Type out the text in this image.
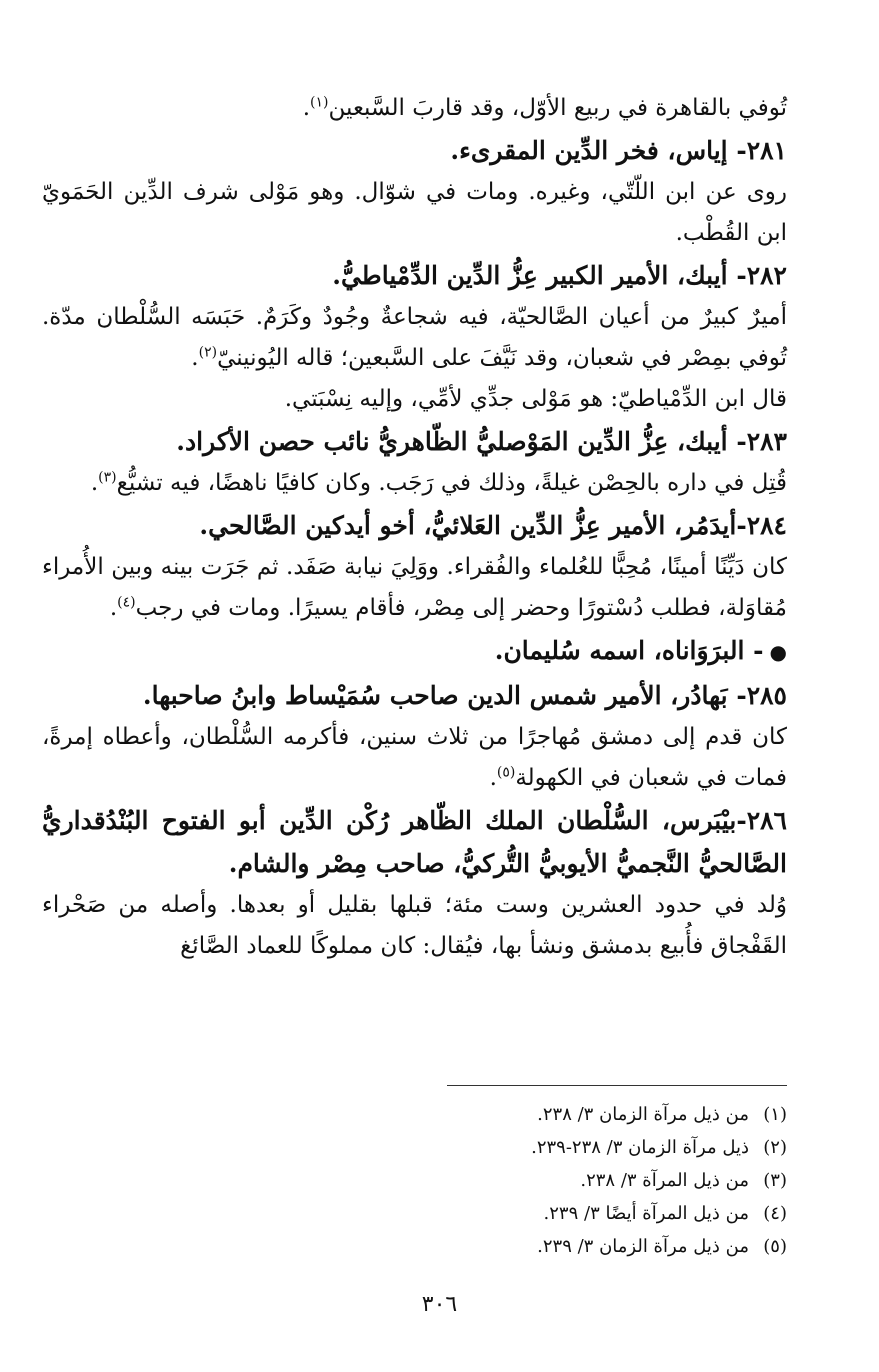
تُوفي بالقاهرة في ربيع الأوّل، وقد قاربَ السَّبعين$^{(١)}$.

٢٨١- إياس، فخر الدِّين المقرىء.

روى عن ابن اللّتّي، وغيره. ومات في شوّال. وهو مَوْلى شرف الدِّين الحَمَويّ ابن القُطْب.

٢٨٢- أيبك، الأمير الكبير عِزُّ الدِّين الدِّمْياطيُّ.

أميرٌ كبيرٌ من أعيان الصَّالحيّة، فيه شجاعةٌ وجُودٌ وكَرَمٌ. حَبَسَه السُّلْطان مدّة. تُوفي بمِصْر في شعبان، وقد نَيَّفَ على السَّبعين؛ قاله اليُونينيّ$^{(٢)}$.

قال ابن الدِّمْياطيّ: هو مَوْلى جدِّي لأمِّي، وإليه نِسْبَتي.

٢٨٣- أيبك، عِزُّ الدِّين المَوْصليُّ الظّاهريُّ نائب حصن الأكراد.

قُتِل في داره بالحِصْن غيلةً، وذلك في رَجَب. وكان كافيًا ناهضًا، فيه تشيُّع$^{(٣)}$.

٢٨٤-أيدَمُر، الأمير عِزُّ الدِّين العَلائيُّ، أخو أيدكين الصَّالحي.

كان دَيِّنًا أمينًا، مُحِبًّا للعُلماء والفُقراء. ووَلِيَ نيابة صَفَد. ثم جَرَت بينه وبين الأُمراء مُقاوَلة، فطلب دُسْتورًا وحضر إلى مِصْر، فأقام يسيرًا. ومات في رجب$^{(٤)}$.

●- البرَوَاناه، اسمه سُليمان.

٢٨٥- بَهادُر، الأمير شمس الدين صاحب سُمَيْساط وابنُ صاحبها.

كان قدم إلى دمشق مُهاجرًا من ثلاث سنين، فأكرمه السُّلْطان، وأعطاه إمرةً، فمات في شعبان في الكهولة$^{(٥)}$.

٢٨٦-بيْبَرس، السُّلْطان الملك الظّاهر رُكْن الدِّين أبو الفتوح البُنْدُقداريُّ الصَّالحيُّ النَّجميُّ الأيوبيُّ التُّركيُّ، صاحب مِصْر والشام.

وُلد في حدود العشرين وست مئة؛ قبلها بقليل أو بعدها. وأصله من صَحْراء القَفْجاق فأُبيع بدمشق ونشأ بها، فيُقال: كان مملوكًا للعماد الصَّائغ

(١)من ذيل مرآة الزمان ٣/ ٢٣٨.
(٢)ذيل مرآة الزمان ٣/ ٢٣٨-٢٣٩.
(٣)من ذيل المرآة ٣/ ٢٣٨.
(٤)من ذيل المرآة أيضًا ٣/ ٢٣٩.
(٥)من ذيل مرآة الزمان ٣/ ٢٣٩.
٣٠٦
